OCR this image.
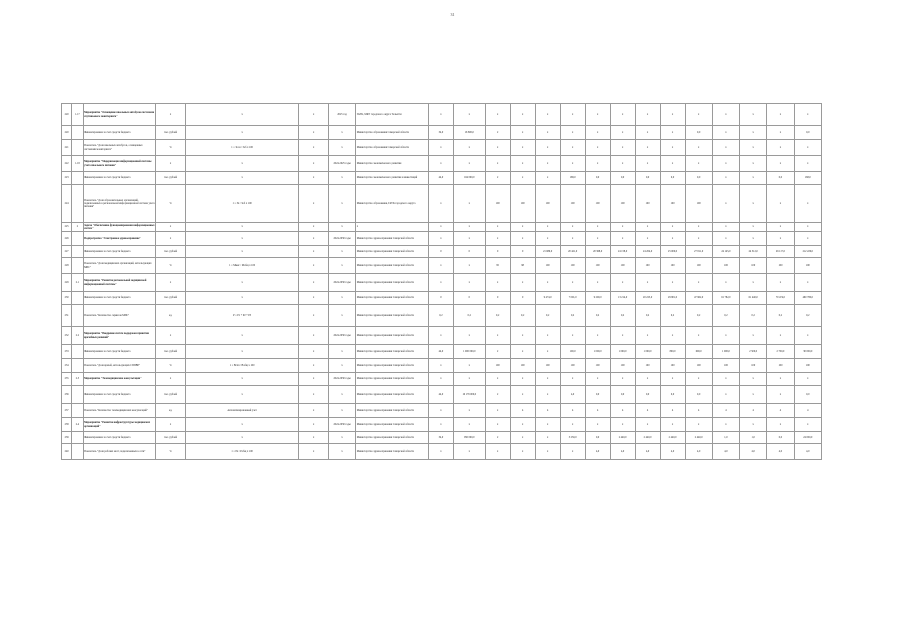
31
220	1.17	Мероприятие "Оснащение школьных автобусов системами спутникового мониторинга"	х	х	х	2025 год	ГАУК, МКУ городского округа Тольятти	х	х	х	х	х	х	х	х	х	х	х	х	х	х	х
220		Финансирование за счет средств бюджета	тыс. рублей	х	х	х	Министерство образования Самарской области	34,0	16 800,0	2	х	х	х	х	х	х	х	0,0	х	х	х	0,0
221		Показатель "Доля школьных автобусов, оснащенных системами мониторинга"	%	1 = Зосн / Зоб х 100	х	х	Министерство образования Самарской области	х	х	х	х	х	х	х	х	х	х	х	х	х	х	х
222	1.18	Мероприятие "Модернизация информационной системы учета школьного питания"	х	х	х	2024-2025 годы	Министерство экономического развития	х	х	х	х	х	х	х	х	х	х	х	х	х	х	х
223		Финансирование за счет средств бюджета	тыс. рублей	х	х	х	Министерство экономического развития и инвестиций	44,0	164 000,0	2	х	х	168,0	0,0	0,0	0,0	0,0	0,0	х	х	0,0	168,0
224		Показатель "Доля образовательных организаций, подключенных к региональной информационной системе учета питания"	%	1 = Зп / Зоб х 100	х	х	Министерство образования, ГАУК городского округа	х	х	100	100	100	100	100	100	100	100	100	х	х	х	х
225	2	Задача "Обеспечение функционирования информационных систем"	х	х	х	х	х	х	х	х	х	х	х	х	х	х	х	х	х	х	х	х
226		Подпрограмма "Электронное здравоохранение"	х	х	х	2024-2030 годы	Министерство здравоохранения Самарской области	х	х	х	х	х	х	х	х	х	х	х	х	х	х	х
227		Финансирование за счет средств бюджета	тыс. рублей	х	х	х	Министерство здравоохранения Самарской области	0	0	0	0	21 689,0	20 421,0	20 368,0	24 158,0	24 204,0	25 000,0	27 811,0	24 145,0	24 312,0	26 117,0	212 226,0
228		Показатель "Доля медицинских организаций, использующих МИС"	%	1 = Ммис / Мобщ х 100	х	х	Министерство здравоохранения Самарской области	х	х	95	98	100	100	100	100	100	100	100	100	100	100	100
229	2.1	Мероприятие "Развитие региональной медицинской информационной системы"	х	х	х	2024-2030 годы	Министерство здравоохранения Самарской области	х	х	х	х	х	х	х	х	х	х	х	х	х	х	х
230		Финансирование за счет средств бюджета	тыс. рублей	х	х	х	Министерство здравоохранения Самарской области	0	0	0	0	9 474,0	7 001,0	9 200,0	13 214,0	20 225,0	29 801,0	47 962,0	61 782,0	61 440,0	70 474,0	460 780,0
231		Показатель "Количество сервисов МИС"	ед.	Р = Р1 + Р2 + Р3	х	х	Министерство здравоохранения Самарской области	0,2	0,2	0,2	0,2	0,2	0,2	0,2	0,2	0,2	0,2	0,2	0,2	0,2	0,2	0,2
232	2.2	Мероприятие "Внедрение систем поддержки принятия врачебных решений"	х	х	х	2024-2030 годы	Министерство здравоохранения Самарской области	х	х	х	х	х	х	х	х	х	х	х	х	х	х	х
233		Финансирование за счет средств бюджета	тыс. рублей	х	х	х	Министерство здравоохранения Самарской области	44,0	1 000 000,0	2	х	х	100,0	1 000,0	1 000,0	1 000,0	800,0	600,0	1 000,0	2 500,0	2 700,0	30 000,0
234		Показатель "Доля врачей, использующих СППВР"	%	1 = Вспп / Вобщ х 100	х	х	Министерство здравоохранения Самарской области	х	х	100	100	100	100	100	100	100	100	100	100	100	100	100
235	2.3	Мероприятие "Телемедицинские консультации"	х	х	х	2024-2030 годы	Министерство здравоохранения Самарской области	х	х	х	х	х	х	х	х	х	х	х	х	х	х	х
236		Финансирование за счет средств бюджета	тыс. рублей	х	х	х	Министерство здравоохранения Самарской области	44,0	16 179 000,0	2	х	х	4,0	0,0	0,0	0,0	0,0	0,0	х	х	х	0,0
237		Показатель "Количество телемедицинских консультаций"	ед.	Автоматизированный учет	х	х	Министерство здравоохранения Самарской области	х	х	х	4	4	4	4	4	4	4	4	4	4	4	4
238	2.4	Мероприятие "Развитие инфраструктуры медицинских организаций"	х	х	х	2024-2030 годы	Министерство здравоохранения Самарской области	х	х	х	х	х	х	х	х	х	х	х	х	х	х	х
239		Финансирование за счет средств бюджета	тыс. рублей	х	х	х	Министерство здравоохранения Самарской области	34,0	950 000,0	2	х	х	3 250,0	0,0	2 440,0	2 440,0	2 440,0	2 440,0	1,0	1,0	0,0	24 000,0
240		Показатель "Доля рабочих мест, подключенных к сети"	%	1 = Рп / Робщ х 100	х	х	Министерство здравоохранения Самарской области	х	х	х	х	х	х	4,0	4,0	4,0	4,0	4,0	4,0	4,0	4,0	4,0
